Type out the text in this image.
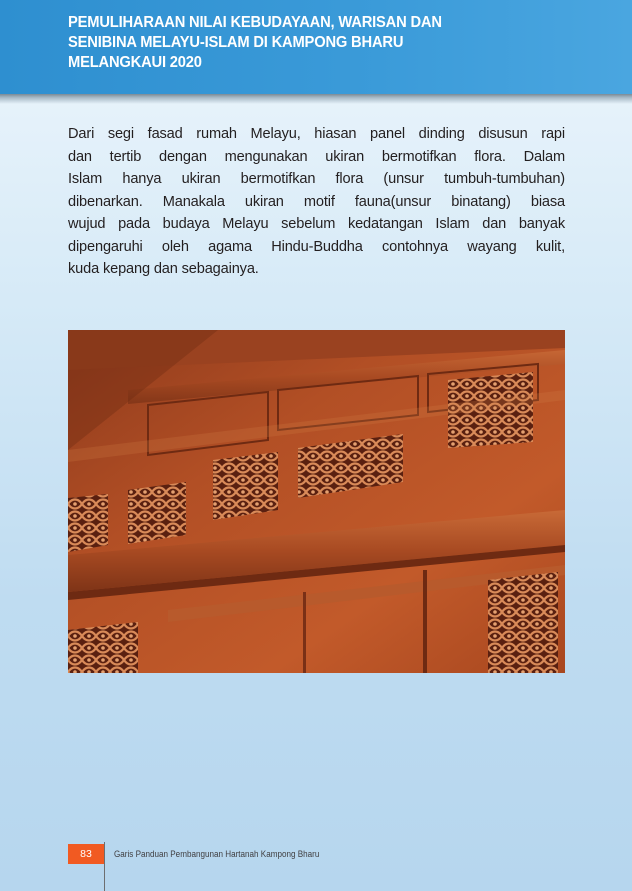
PEMULIHARAAN NILAI KEBUDAYAAN, WARISAN DAN
SENIBINA MELAYU-ISLAM DI KAMPONG BHARU
MELANGKAUI 2020
Dari segi fasad rumah Melayu, hiasan panel dinding disusun rapi
dan tertib dengan mengunakan ukiran bermotifkan flora. Dalam
Islam hanya ukiran bermotifkan flora (unsur tumbuh-tumbuhan)
dibenarkan. Manakala ukiran motif fauna(unsur binatang) biasa
wujud pada budaya Melayu sebelum kedatangan Islam dan banyak
dipengaruhi oleh agama Hindu-Buddha contohnya wayang kulit,
kuda kepang dan sebagainya.
83	Garis Panduan Pembangunan Hartanah Kampong Bharu
